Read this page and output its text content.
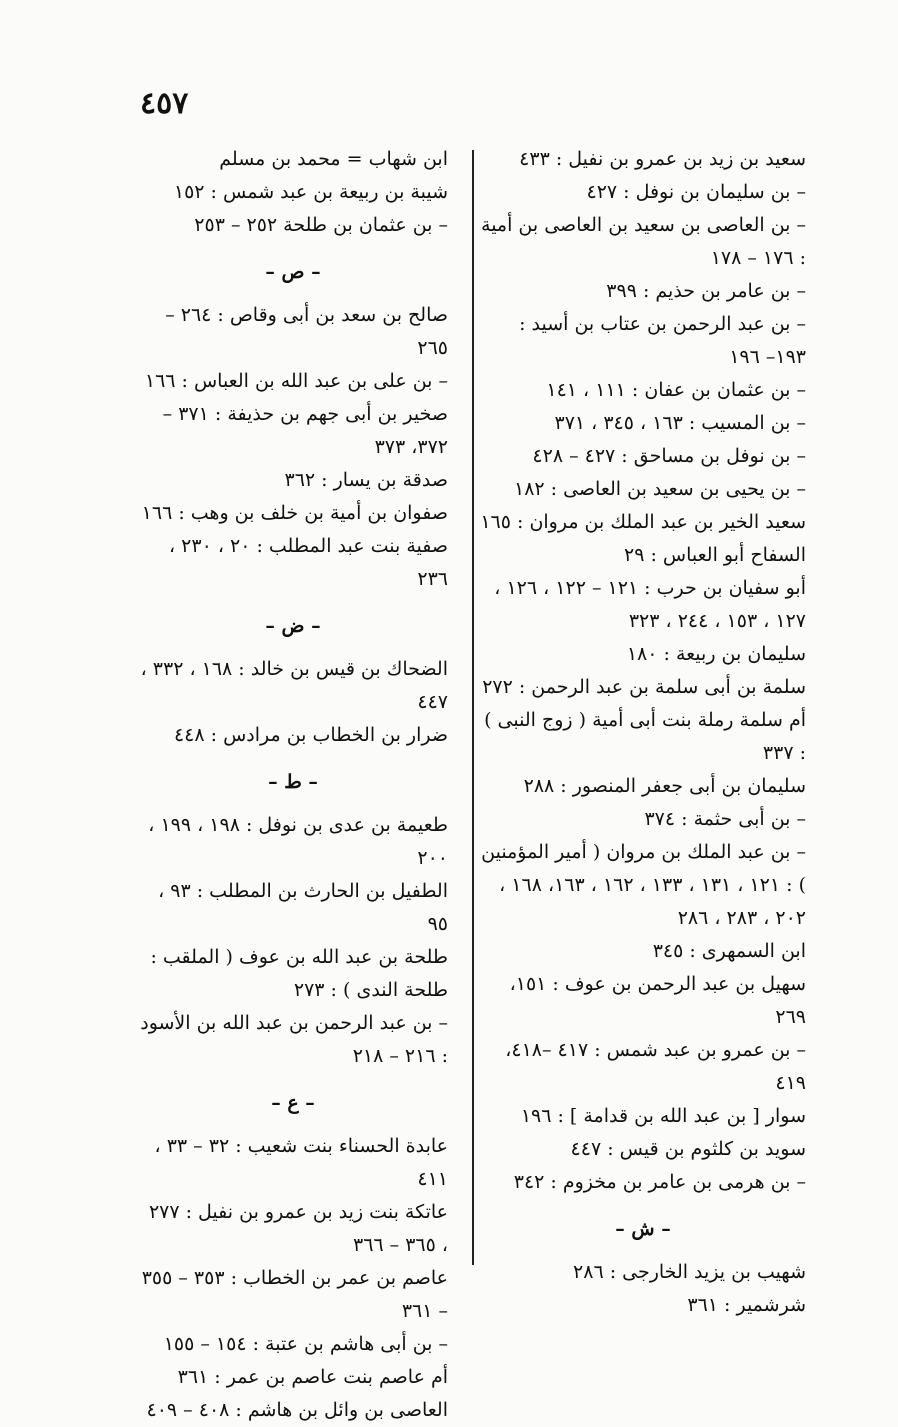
٤٥٧
سعيد بن زيد بن عمرو بن نفيل : ٤٣٣
– بن سليمان بن نوفل : ٤٢٧
– بن العاصى بن سعيد بن العاصى بن أمية : ١٧٦ – ١٧٨
– بن عامر بن حذيم : ٣٩٩
– بن عبد الرحمن بن عتاب بن أسيد : ١٩٣– ١٩٦
– بن عثمان بن عفان : ١١١ ، ١٤١
– بن المسيب : ١٦٣ ، ٣٤٥ ، ٣٧١
– بن نوفل بن مساحق : ٤٢٧ – ٤٢٨
– بن يحيى بن سعيد بن العاصى : ١٨٢
سعيد الخير بن عبد الملك بن مروان : ١٦٥
السفاح أبو العباس : ٢٩
أبو سفيان بن حرب : ١٢١ – ١٢٢ ، ١٢٦ ، ١٢٧ ، ١٥٣ ، ٢٤٤ ، ٣٢٣
سليمان بن ربيعة : ١٨٠
سلمة بن أبى سلمة بن عبد الرحمن : ٢٧٢
أم سلمة رملة بنت أبى أمية ( زوج النبى ) : ٣٣٧
سليمان بن أبى جعفر المنصور : ٢٨٨
– بن أبى حثمة : ٣٧٤
– بن عبد الملك بن مروان ( أمير المؤمنين ) : ١٢١ ، ١٣١ ، ١٣٣ ، ١٦٢ ، ١٦٣، ١٦٨ ، ٢٠٢ ، ٢٨٣ ، ٢٨٦
ابن السمهرى : ٣٤٥
سهيل بن عبد الرحمن بن عوف : ١٥١، ٢٦٩
– بن عمرو بن عبد شمس : ٤١٧ –٤١٨، ٤١٩
سوار [ بن عبد الله بن قدامة ] : ١٩٦
سويد بن كلثوم بن قيس : ٤٤٧
– بن هرمى بن عامر بن مخزوم : ٣٤٢
– ش –
شهيب بن يزيد الخارجى : ٢٨٦
شرشمير : ٣٦١
ابن شهاب = محمد بن مسلم
شيبة بن ربيعة بن عبد شمس : ١٥٢
– بن عثمان بن طلحة ٢٥٢ – ٢٥٣
– ص –
صالح بن سعد بن أبى وقاص : ٢٦٤ – ٢٦٥
– بن على بن عبد الله بن العباس : ١٦٦
صخير بن أبى جهم بن حذيفة : ٣٧١ – ٣٧٢، ٣٧٣
صدقة بن يسار : ٣٦٢
صفوان بن أمية بن خلف بن وهب : ١٦٦
صفية بنت عبد المطلب : ٢٠ ، ٢٣٠ ، ٢٣٦
– ض –
الضحاك بن قيس بن خالد : ١٦٨ ، ٣٣٢ ، ٤٤٧
ضرار بن الخطاب بن مرادس : ٤٤٨
– ط –
طعيمة بن عدى بن نوفل : ١٩٨ ، ١٩٩ ، ٢٠٠
الطفيل بن الحارث بن المطلب : ٩٣ ، ٩٥
طلحة بن عبد الله بن عوف ( الملقب : طلحة الندى ) : ٢٧٣
– بن عبد الرحمن بن عبد الله بن الأسود : ٢١٦ – ٢١٨
– ع –
عابدة الحسناء بنت شعيب : ٣٢ – ٣٣ ، ٤١١
عاتكة بنت زيد بن عمرو بن نفيل : ٢٧٧ ، ٣٦٥ – ٣٦٦
عاصم بن عمر بن الخطاب : ٣٥٣ – ٣٥٥ – ٣٦١
– بن أبى هاشم بن عتبة : ١٥٤ – ١٥٥
أم عاصم بنت عاصم بن عمر : ٣٦١
العاصى بن وائل بن هاشم : ٤٠٨ – ٤٠٩
